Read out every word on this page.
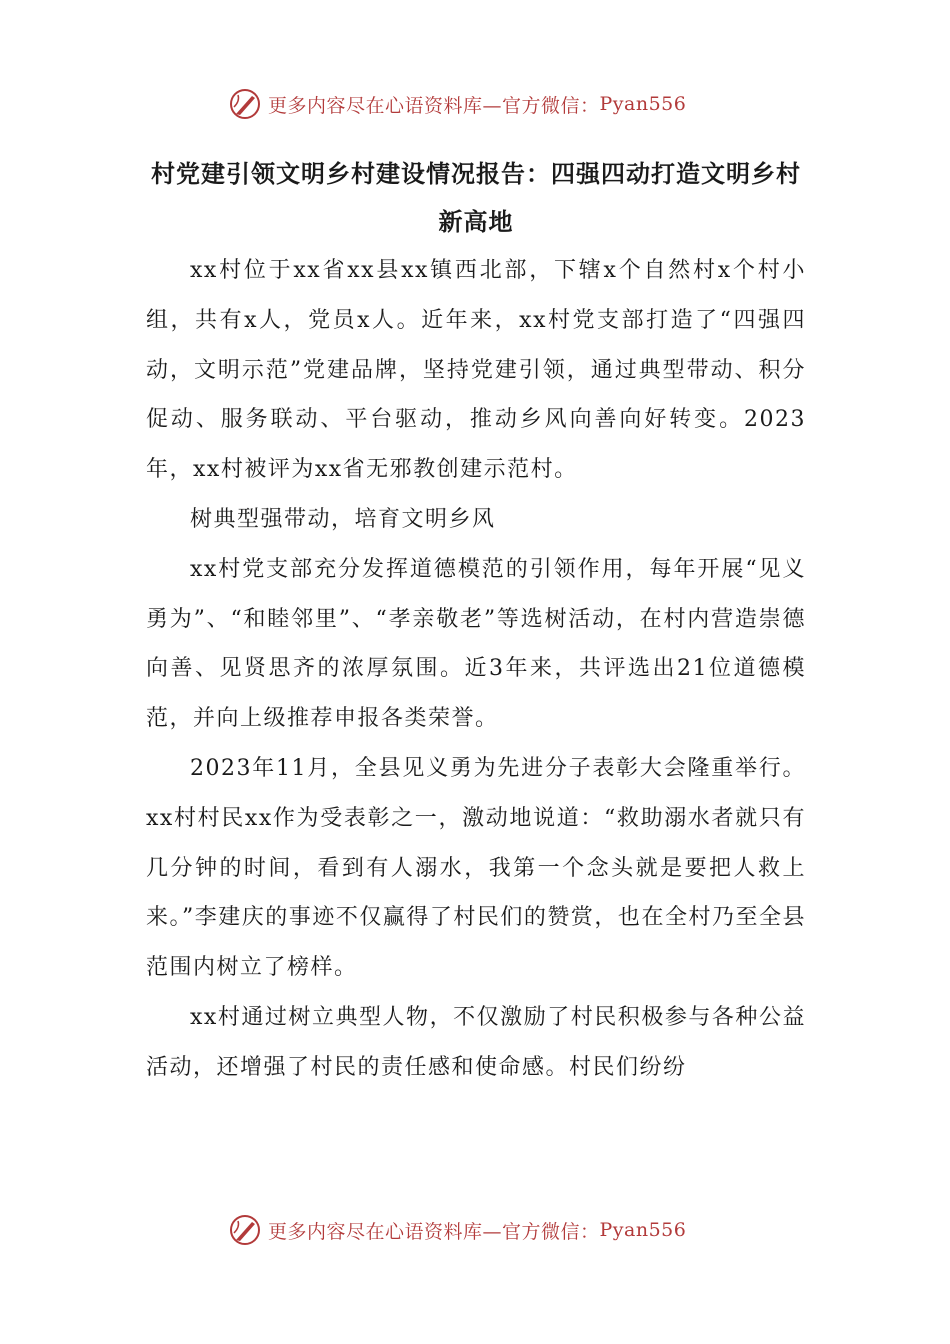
更多内容尽在心语资料库—官方微信： Pyan556
村党建引领文明乡村建设情况报告：四强四动打造文明乡村新高地

xx村位于xx省xx县xx镇西北部，下辖x个自然村x个村小组，共有x人，党员x人。近年来，xx村党支部打造了“四强四动，文明示范”党建品牌，坚持党建引领，通过典型带动、积分促动、服务联动、平台驱动，推动乡风向善向好转变。2023年，xx村被评为xx省无邪教创建示范村。

树典型强带动，培育文明乡风

xx村党支部充分发挥道德模范的引领作用，每年开展“见义勇为”、“和睦邻里”、“孝亲敬老”等选树活动，在村内营造崇德向善、见贤思齐的浓厚氛围。近3年来，共评选出21位道德模范，并向上级推荐申报各类荣誉。

2023年11月，全县见义勇为先进分子表彰大会隆重举行。xx村村民xx作为受表彰之一，激动地说道：“救助溺水者就只有几分钟的时间，看到有人溺水，我第一个念头就是要把人救上来。”李建庆的事迹不仅赢得了村民们的赞赏，也在全村乃至全县范围内树立了榜样。

xx村通过树立典型人物，不仅激励了村民积极参与各种公益活动，还增强了村民的责任感和使命感。村民们纷纷

更多内容尽在心语资料库—官方微信： Pyan556
